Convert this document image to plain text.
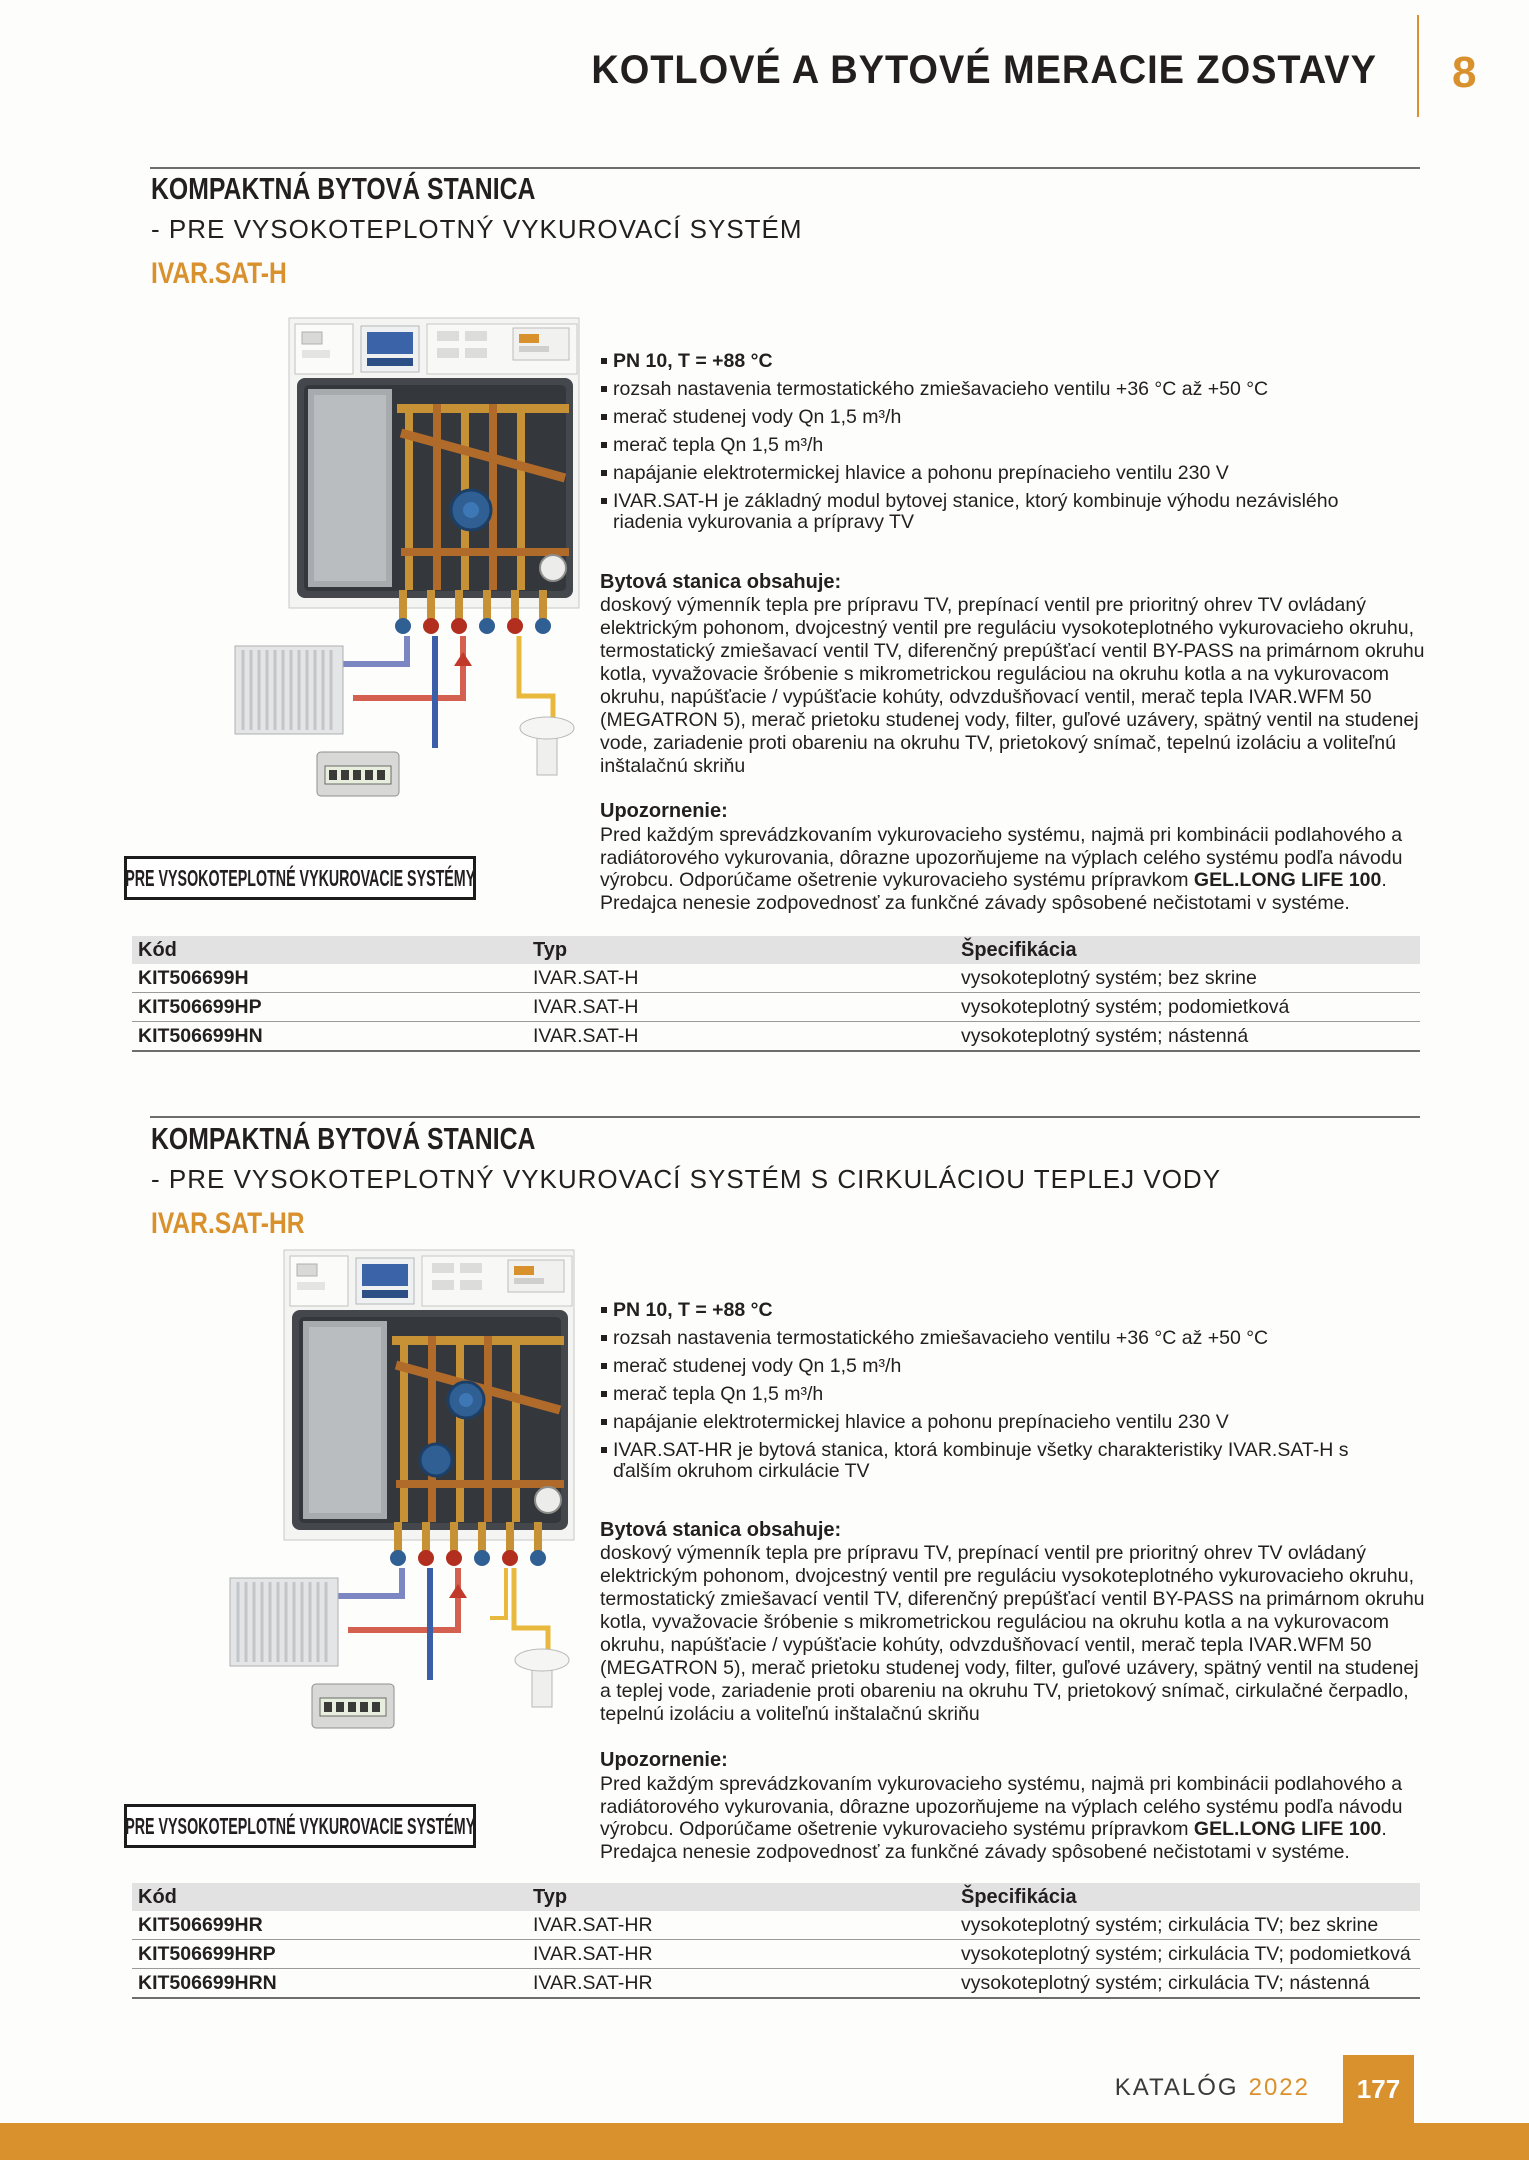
KOTLOVÉ A BYTOVÉ MERACIE ZOSTAVY 8
KOMPAKTNÁ BYTOVÁ STANICA
- PRE VYSOKOTEPLOTNÝ VYKUROVACÍ SYSTÉM
IVAR.SAT-H
PN 10, T = +88 °C
rozsah nastavenia termostatického zmiešavacieho ventilu +36 °C až +50 °C
merač studenej vody Qn 1,5 m³/h
merač tepla Qn 1,5 m³/h
napájanie elektrotermickej hlavice a pohonu prepínacieho ventilu 230 V
IVAR.SAT-H je základný modul bytovej stanice, ktorý kombinuje výhodu nezávislého riadenia vykurovania a prípravy TV
Bytová stanica obsahuje:

doskový výmenník tepla pre prípravu TV, prepínací ventil pre prioritný ohrev TV ovládaný elektrickým pohonom, dvojcestný ventil pre reguláciu vysokoteplotného vykurovacieho okruhu, termostatický zmiešavací ventil TV, diferenčný prepúšťací ventil BY-PASS na primárnom okruhu kotla, vyvažovacie šróbenie s mikrometrickou reguláciou na okruhu kotla a na vykurovacom okruhu, napúšťacie / vypúšťacie kohúty, odvzdušňovací ventil, merač tepla IVAR.WFM 50 (MEGATRON 5), merač prietoku studenej vody, filter, guľové uzávery, spätný ventil na studenej vode, zariadenie proti obareniu na okruhu TV, prietokový snímač, tepelnú izoláciu a voliteľnú inštalačnú skriňu

Upozornenie:

Pred každým sprevádzkovaním vykurovacieho systému, najmä pri kombinácii podlahového a radiátorového vykurovania, dôrazne upozorňujeme na výplach celého systému podľa návodu výrobcu. Odporúčame ošetrenie vykurovacieho systému prípravkom GEL.LONG LIFE 100. Predajca nenesie zodpovednosť za funkčné závady spôsobené nečistotami v systéme.

PRE VYSOKOTEPLOTNÉ VYKUROVACIE SYSTÉMY
Kód	Typ	Špecifikácia
KIT506699H	IVAR.SAT-H	vysokoteplotný systém; bez skrine
KIT506699HP	IVAR.SAT-H	vysokoteplotný systém; podomietková
KIT506699HN	IVAR.SAT-H	vysokoteplotný systém; nástenná
KOMPAKTNÁ BYTOVÁ STANICA
- PRE VYSOKOTEPLOTNÝ VYKUROVACÍ SYSTÉM S CIRKULÁCIOU TEPLEJ VODY
IVAR.SAT-HR
PN 10, T = +88 °C
rozsah nastavenia termostatického zmiešavacieho ventilu +36 °C až +50 °C
merač studenej vody Qn 1,5 m³/h
merač tepla Qn 1,5 m³/h
napájanie elektrotermickej hlavice a pohonu prepínacieho ventilu 230 V
IVAR.SAT-HR je bytová stanica, ktorá kombinuje všetky charakteristiky IVAR.SAT-H s ďalším okruhom cirkulácie TV
Bytová stanica obsahuje:

doskový výmenník tepla pre prípravu TV, prepínací ventil pre prioritný ohrev TV ovládaný elektrickým pohonom, dvojcestný ventil pre reguláciu vysokoteplotného vykurovacieho okruhu, termostatický zmiešavací ventil TV, diferenčný prepúšťací ventil BY-PASS na primárnom okruhu kotla, vyvažovacie šróbenie s mikrometrickou reguláciou na okruhu kotla a na vykurovacom okruhu, napúšťacie / vypúšťacie kohúty, odvzdušňovací ventil, merač tepla IVAR.WFM 50 (MEGATRON 5), merač prietoku studenej vody, filter, guľové uzávery, spätný ventil na studenej a teplej vode, zariadenie proti obareniu na okruhu TV, prietokový snímač, cirkulačné čerpadlo, tepelnú izoláciu a voliteľnú inštalačnú skriňu

Upozornenie:

Pred každým sprevádzkovaním vykurovacieho systému, najmä pri kombinácii podlahového a radiátorového vykurovania, dôrazne upozorňujeme na výplach celého systému podľa návodu výrobcu. Odporúčame ošetrenie vykurovacieho systému prípravkom GEL.LONG LIFE 100. Predajca nenesie zodpovednosť za funkčné závady spôsobené nečistotami v systéme.

PRE VYSOKOTEPLOTNÉ VYKUROVACIE SYSTÉMY
Kód	Typ	Špecifikácia
KIT506699HR	IVAR.SAT-HR	vysokoteplotný systém; cirkulácia TV; bez skrine
KIT506699HRP	IVAR.SAT-HR	vysokoteplotný systém; cirkulácia TV; podomietková
KIT506699HRN	IVAR.SAT-HR	vysokoteplotný systém; cirkulácia TV; nástenná
KATALÓG 2022 177
